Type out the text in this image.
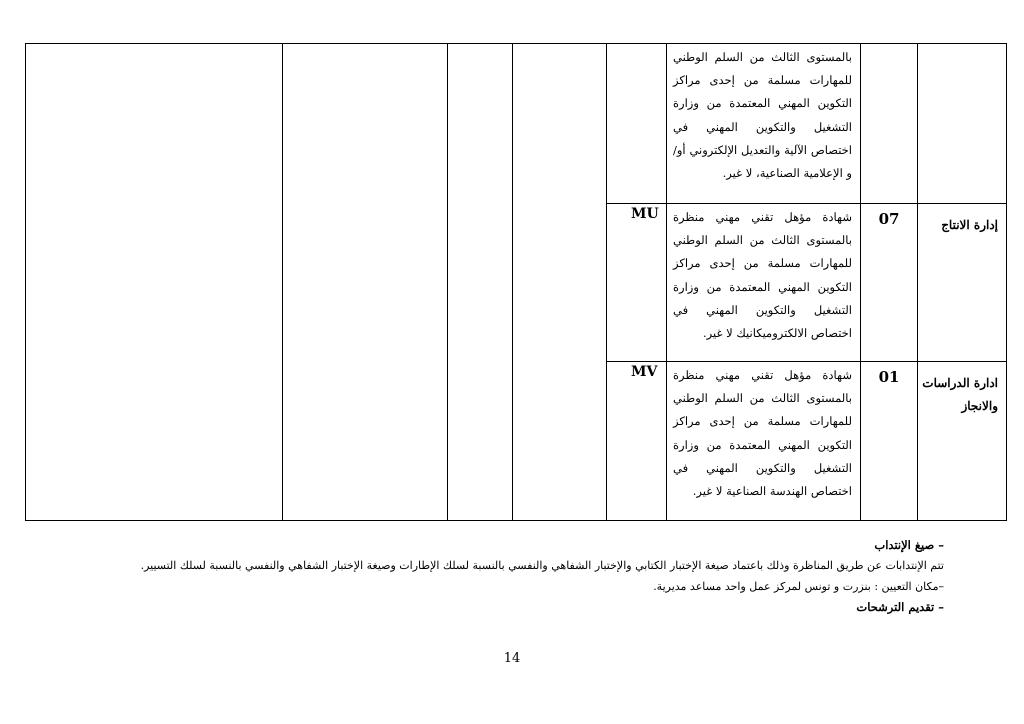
		بالمستوى الثالث من السلم الوطني للمهارات مسلمة من إحدى مراكز التكوين المهني المعتمدة من وزارة التشغيل والتكوين المهني في اختصاص الآلية والتعديل الإلكتروني أو/و الإعلامية الصناعية، لا غير.					

إدارة الانتاج	07	شهادة مؤهل تقني مهني منظرة بالمستوى الثالث من السلم الوطني للمهارات مسلمة من إحدى مراكز التكوين المهني المعتمدة من وزارة التشغيل والتكوين المهني في اختصاص الالكتروميكانيك لا غير.	MU				

ادارة الدراسات والانجاز	01	شهادة مؤهل تقني مهني منظرة بالمستوى الثالث من السلم الوطني للمهارات مسلمة من إحدى مراكز التكوين المهني المعتمدة من وزارة التشغيل والتكوين المهني في اختصاص الهندسة الصناعية لا غير.	MV				
– صيغ الإنتداب
تتم الإنتدابات عن طريق المناظرة وذلك باعتماد صيغة الإختبار الكتابي والإختبار الشفاهي والنفسي بالنسبة لسلك الإطارات وصيغة الإختبار الشفاهي والنفسي بالنسبة لسلك التسيير.
–مكان التعيين : بنزرت و تونس لمركز عمل واحد مساعد مديرية.
– تقديم الترشحات
14
